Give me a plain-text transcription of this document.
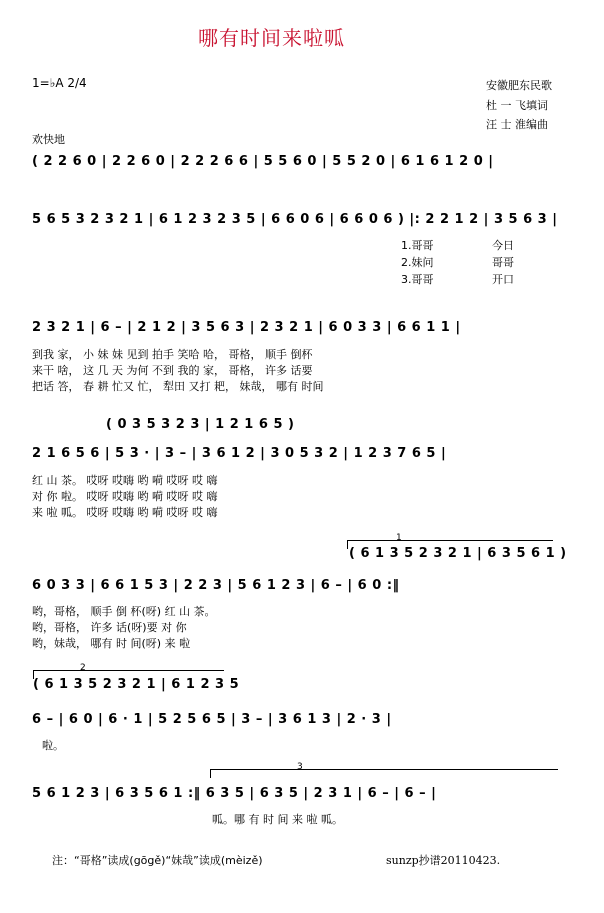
哪有时间来啦呱
1=♭A 2/4	安徽肥东民歌
杜 一 飞填词
汪 士 淮编曲
欢快地
( 2 2 6 0 | 2 2 6 0 | 2 2 2 6 6 | 5 5 6 0 | 5 5 2 0 | 6 1 6 1 2 0 |
5 6 5 3 2 3 2 1 | 6 1 2 3 2 3 5 | 6 6 0 6 | 6 6 0 6 ) |: 2 2 1 2 | 3 5 6 3 |
1.哥哥	今日
2.妹问	哥哥
3.哥哥	开口
2 3 2 1 | 6 – | 2 1 2 | 3 5 6 3 | 2 3 2 1 | 6 0 3 3 | 6 6 1 1 |
到我 家， 小 妹 妹 见到 拍手 笑哈 哈， 哥格， 顺手 倒杯
来干 啥， 这 几 天 为何 不到 我的 家， 哥格， 许多 话要
把话 答， 春 耕 忙又 忙， 犁田 又打 耙， 妹哉， 哪有 时间
( 0 3 5 3 2 3 | 1 2 1 6 5 )
2 1 6 5 6 | 5 3 · | 3 – | 3 6 1 2 | 3 0 5 3 2 | 1 2 3 7 6 5 |
红 山 茶。 哎呀 哎嗨 哟 嗬 哎呀 哎 嗨
对 你 啦。 哎呀 哎嗨 哟 嗬 哎呀 哎 嗨
来 啦 呱。 哎呀 哎嗨 哟 嗬 哎呀 哎 嗨
1
( 6 1 3 5 2 3 2 1 | 6 3 5 6 1 )
6 0 3 3 | 6 6 1 5 3 | 2 2 3 | 5 6 1 2 3 | 6 – | 6 0 :‖
哟，哥格， 顺手 倒 杯(呀) 红 山 茶。
哟，哥格， 许多 话(呀)要 对 你
哟，妹哉， 哪有 时 间(呀) 来 啦
2
( 6 1 3 5 2 3 2 1 | 6 1 2 3 5
6 – | 6 0 | 6 · 1 | 5 2 5 6 5 | 3 – | 3 6 1 3 | 2 · 3 |
啦。
3
5 6 1 2 3 | 6 3 5 6 1 :‖ 6 3 5 | 6 3 5 | 2 3 1 | 6 – | 6 – |
呱。哪 有 时 间 来 啦 呱。
注：“哥格”读成(gōgě)“妹哉”读成(mèizě)	sunzp抄谱20110423.
